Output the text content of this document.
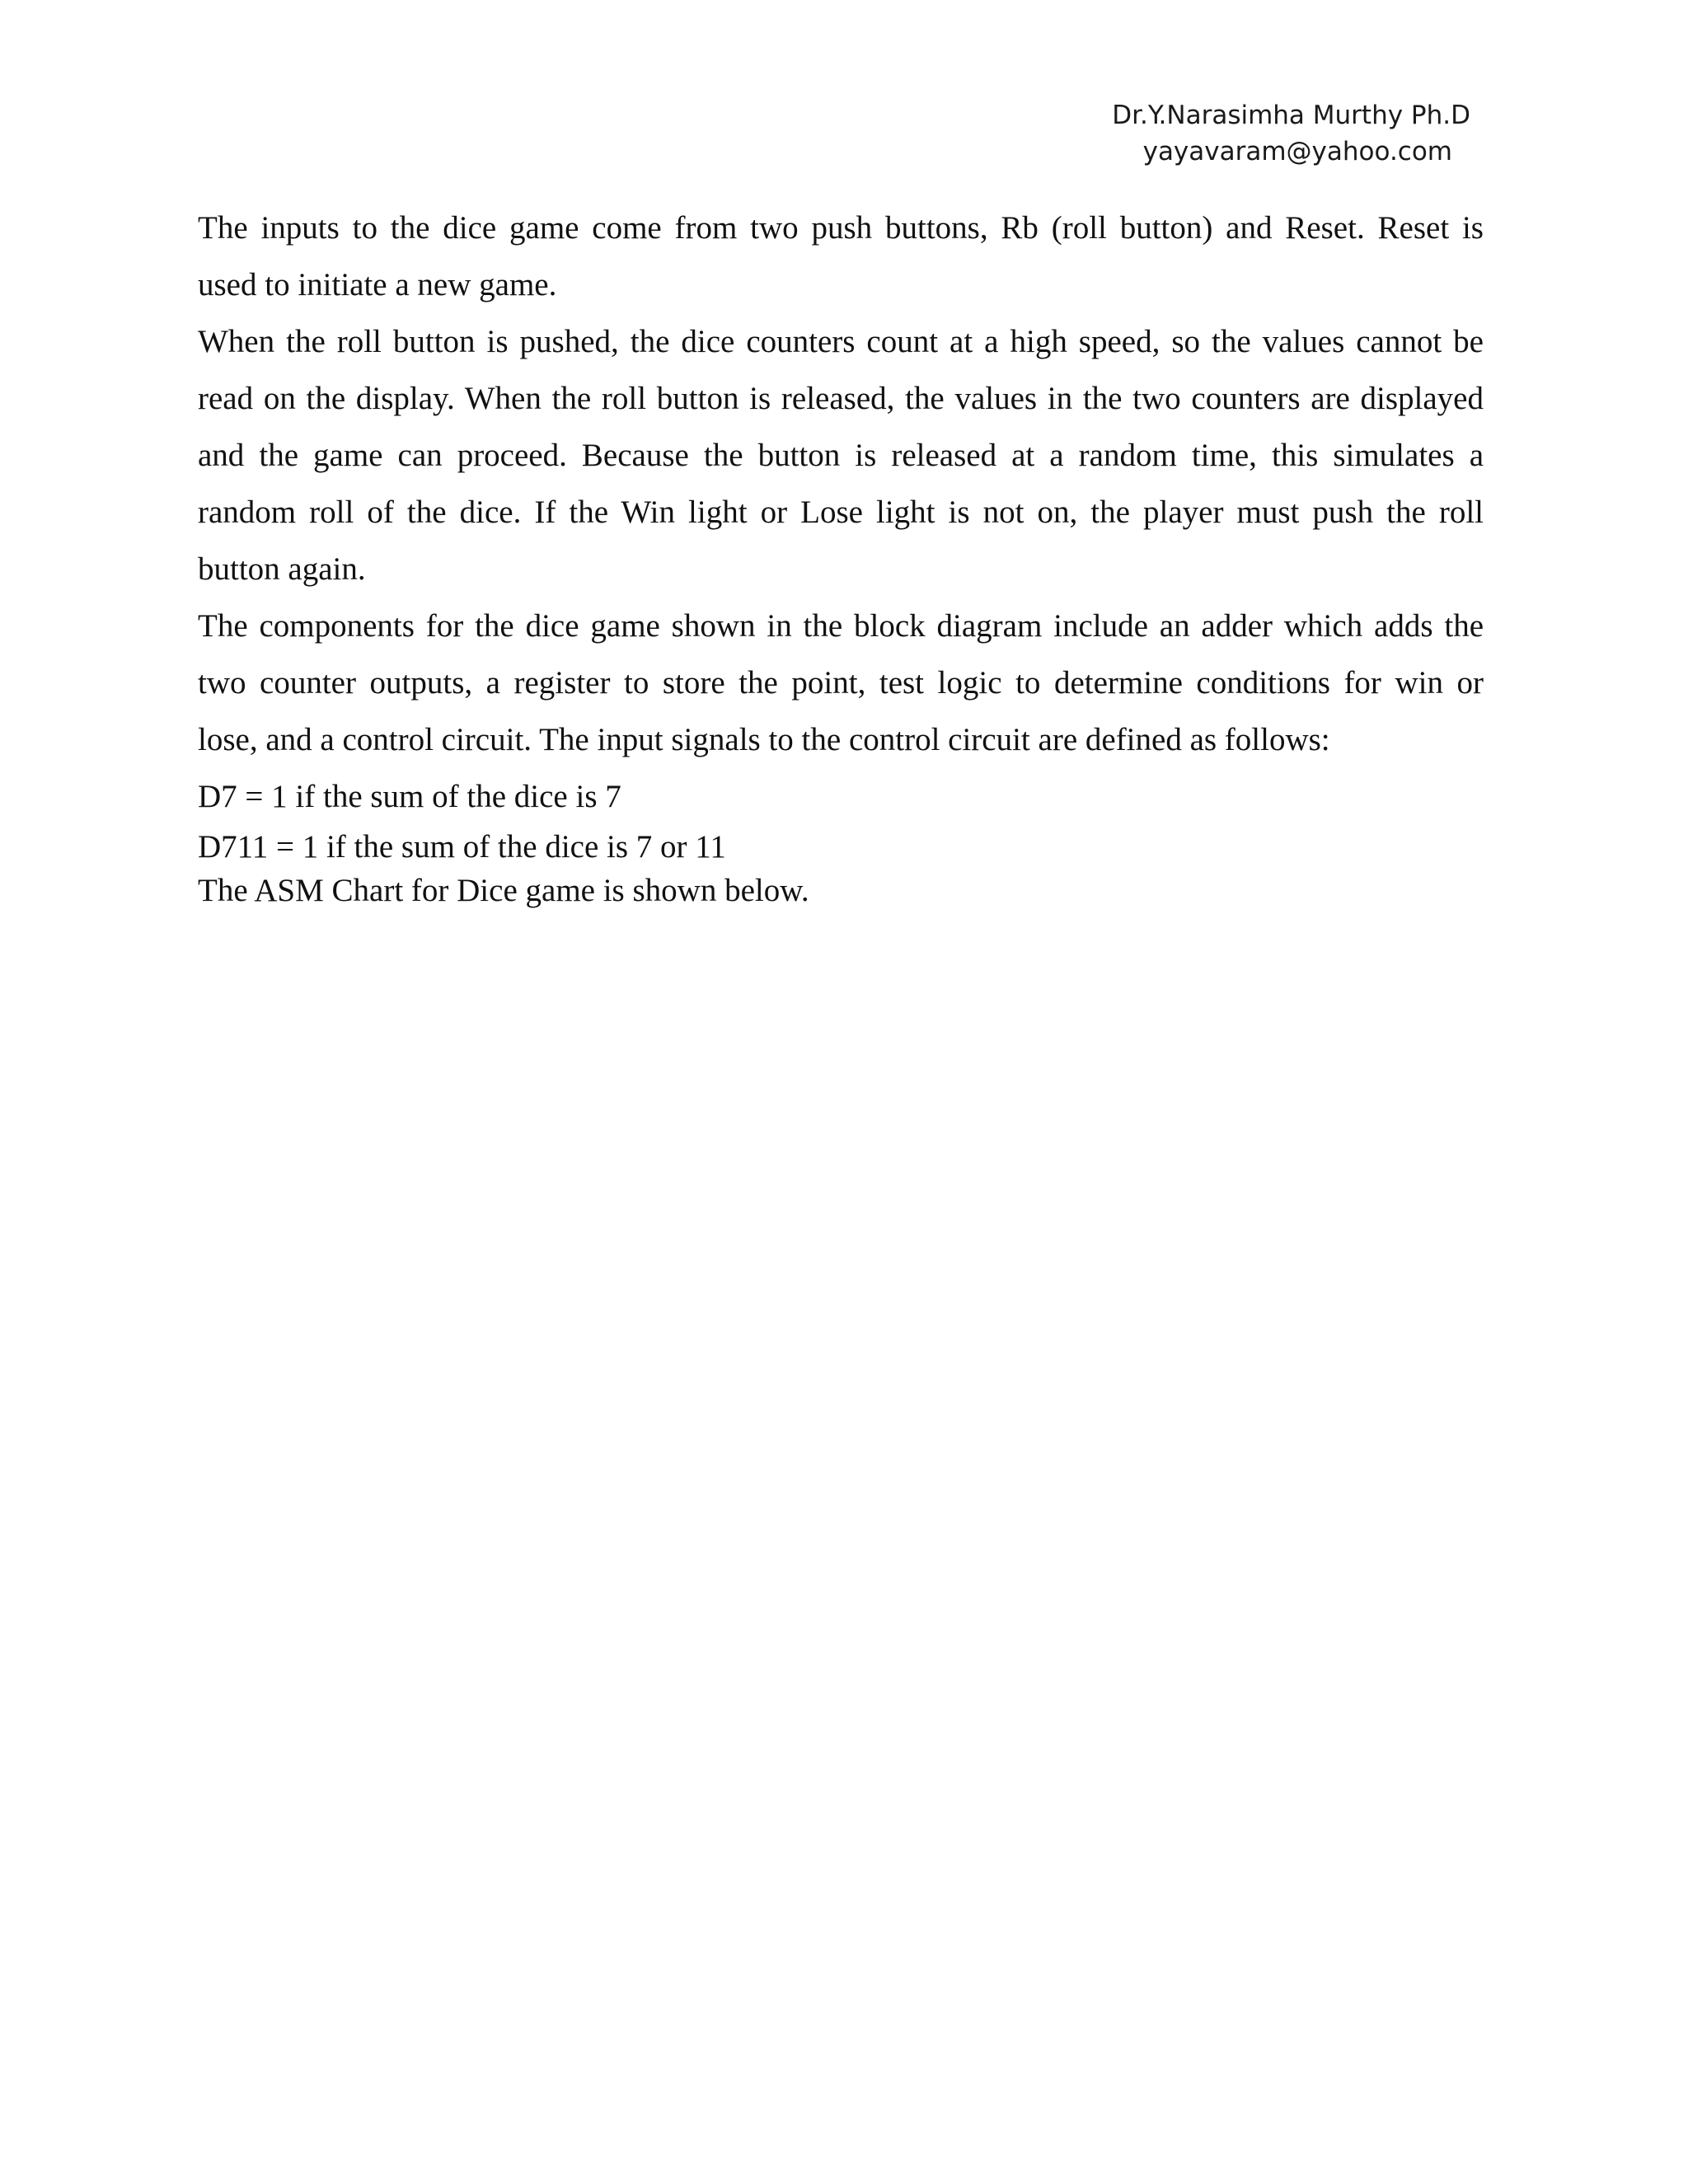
Dr.Y.Narasimha Murthy Ph.D
yayavaram@yahoo.com

The inputs to the dice game come from two push buttons, Rb (roll button) and Reset. Reset is
used to initiate a new game.

When the roll button is pushed, the dice counters count at a high speed, so the values cannot be
read on the display. When the roll button is released, the values in the two counters are displayed
and the game can proceed. Because the button is released at a random time, this simulates a
random roll of the dice. If the Win light or Lose light is not on, the player must push the roll
button again.

The components for the dice game shown in the block diagram include an adder which adds the
two counter outputs, a register to store the point, test logic to determine conditions for win or
lose, and a control circuit. The input signals to the control circuit are defined as follows:

D7 = 1 if the sum of the dice is 7

D711 = 1 if the sum of the dice is 7 or 11

The ASM Chart for Dice game is shown below.
